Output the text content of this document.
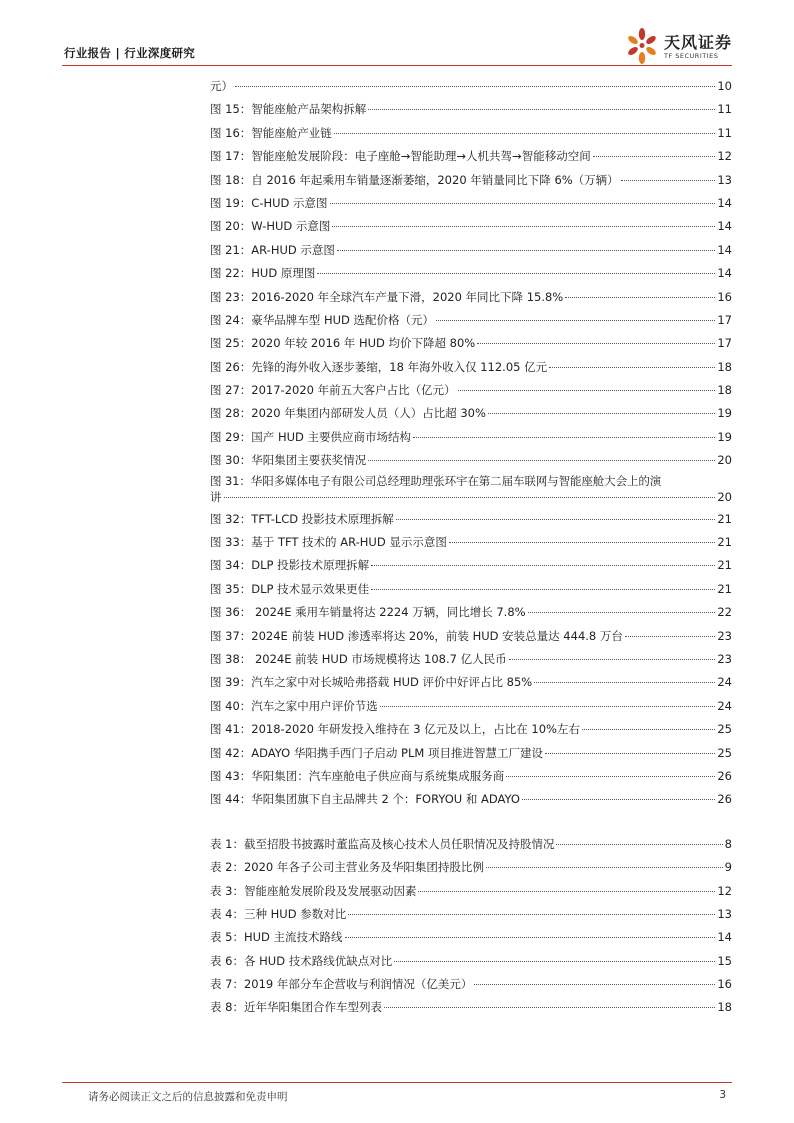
行业报告 | 行业深度研究
天风证券
TF SECURITIES
元）	10
图 15：智能座舱产品架构拆解	11
图 16：智能座舱产业链	11
图 17：智能座舱发展阶段：电子座舱→智能助理→人机共驾→智能移动空间	12
图 18：自 2016 年起乘用车销量逐渐萎缩，2020 年销量同比下降 6%（万辆）	13
图 19：C-HUD 示意图	14
图 20：W-HUD 示意图	14
图 21：AR-HUD 示意图	14
图 22：HUD 原理图	14
图 23：2016-2020 年全球汽车产量下滑，2020 年同比下降 15.8%	16
图 24：豪华品牌车型 HUD 选配价格（元）	17
图 25：2020 年较 2016 年 HUD 均价下降超 80%	17
图 26：先锋的海外收入逐步萎缩，18 年海外收入仅 112.05 亿元	18
图 27：2017-2020 年前五大客户占比（亿元）	18
图 28：2020 年集团内部研发人员（人）占比超 30%	19
图 29：国产 HUD 主要供应商市场结构	19
图 30：华阳集团主要获奖情况	20
图 31：华阳多媒体电子有限公司总经理助理张环宇在第二届车联网与智能座舱大会上的演
讲	20
图 32：TFT-LCD 投影技术原理拆解	21
图 33：基于 TFT 技术的 AR-HUD 显示示意图	21
图 34：DLP 投影技术原理拆解	21
图 35：DLP 技术显示效果更佳	21
图 36： 2024E 乘用车销量将达 2224 万辆，同比增长 7.8%	22
图 37：2024E 前装 HUD 渗透率将达 20%，前装 HUD 安装总量达 444.8 万台	23
图 38： 2024E 前装 HUD 市场规模将达 108.7 亿人民币	23
图 39：汽车之家中对长城哈弗搭载 HUD 评价中好评占比 85%	24
图 40：汽车之家中用户评价节选	24
图 41：2018-2020 年研发投入维持在 3 亿元及以上，占比在 10%左右	25
图 42：ADAYO 华阳携手西门子启动 PLM 项目推进智慧工厂建设	25
图 43：华阳集团：汽车座舱电子供应商与系统集成服务商	26
图 44：华阳集团旗下自主品牌共 2 个：FORYOU 和 ADAYO	26
表 1：截至招股书披露时董监高及核心技术人员任职情况及持股情况	8
表 2：2020 年各子公司主营业务及华阳集团持股比例	9
表 3：智能座舱发展阶段及发展驱动因素	12
表 4：三种 HUD 参数对比	13
表 5：HUD 主流技术路线	14
表 6：各 HUD 技术路线优缺点对比	15
表 7：2019 年部分车企营收与利润情况（亿美元）	16
表 8：近年华阳集团合作车型列表	18
请务必阅读正文之后的信息披露和免责申明	3
